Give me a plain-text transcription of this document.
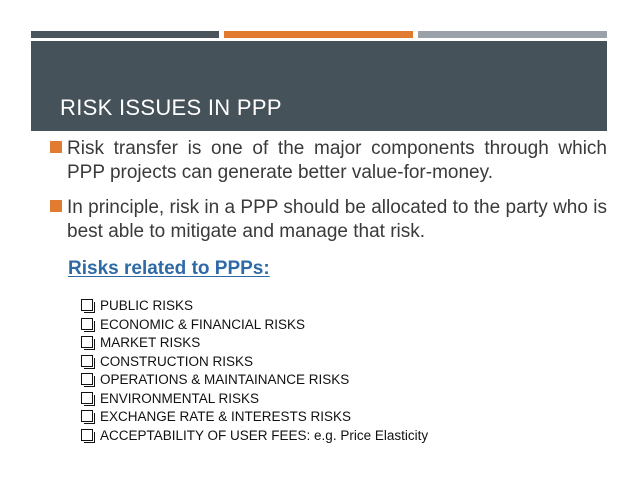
RISK ISSUES IN PPP
Risk transfer is one of the major components through which PPP projects can generate better value-for-money.
In principle, risk in a PPP should be allocated to the party who is best able to mitigate and manage that risk.
Risks related to PPPs:
PUBLIC RISKS
ECONOMIC & FINANCIAL RISKS
MARKET RISKS
CONSTRUCTION RISKS
OPERATIONS & MAINTAINANCE RISKS
ENVIRONMENTAL RISKS
EXCHANGE RATE & INTERESTS RISKS
ACCEPTABILITY OF USER FEES: e.g. Price Elasticity
